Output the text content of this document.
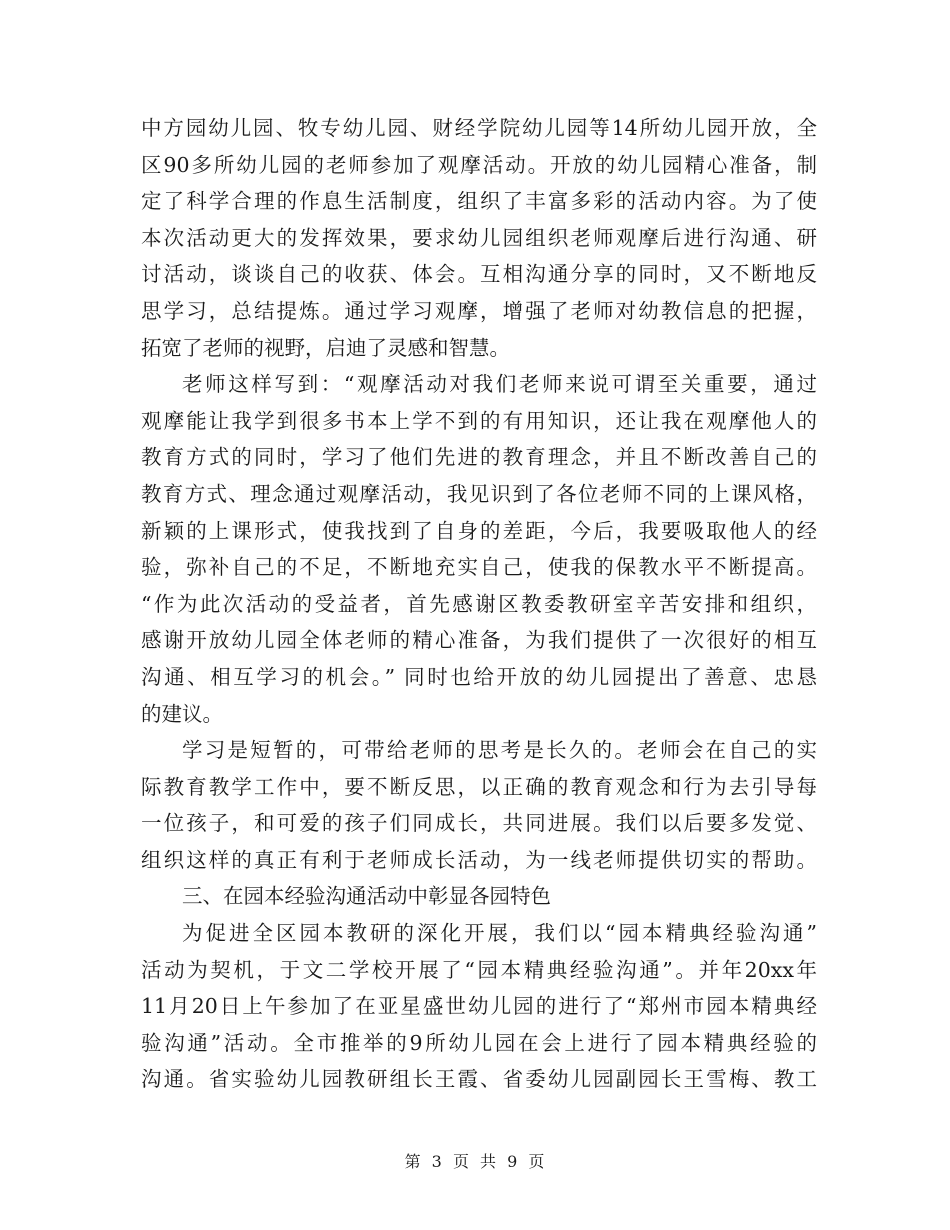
中方园幼儿园、牧专幼儿园、财经学院幼儿园等14所幼儿园开放，全
区90多所幼儿园的老师参加了观摩活动。开放的幼儿园精心准备，制
定了科学合理的作息生活制度，组织了丰富多彩的活动内容。为了使
本次活动更大的发挥效果，要求幼儿园组织老师观摩后进行沟通、研
讨活动，谈谈自己的收获、体会。互相沟通分享的同时，又不断地反
思学习，总结提炼。通过学习观摩，增强了老师对幼教信息的把握，
拓宽了老师的视野，启迪了灵感和智慧。
老师这样写到：“观摩活动对我们老师来说可谓至关重要，通过
观摩能让我学到很多书本上学不到的有用知识，还让我在观摩他人的
教育方式的同时，学习了他们先进的教育理念，并且不断改善自己的
教育方式、理念通过观摩活动，我见识到了各位老师不同的上课风格，
新颖的上课形式，使我找到了自身的差距，今后，我要吸取他人的经
验，弥补自己的不足，不断地充实自己，使我的保教水平不断提高。
“作为此次活动的受益者，首先感谢区教委教研室辛苦安排和组织，
感谢开放幼儿园全体老师的精心准备，为我们提供了一次很好的相互
沟通、相互学习的机会。” 同时也给开放的幼儿园提出了善意、忠恳
的建议。
学习是短暂的，可带给老师的思考是长久的。老师会在自己的实
际教育教学工作中，要不断反思，以正确的教育观念和行为去引导每
一位孩子，和可爱的孩子们同成长，共同进展。我们以后要多发觉、
组织这样的真正有利于老师成长活动，为一线老师提供切实的帮助。
三、在园本经验沟通活动中彰显各园特色
为促进全区园本教研的深化开展，我们以“园本精典经验沟通”
活动为契机，于文二学校开展了“园本精典经验沟通”。并年20xx年
11月20日上午参加了在亚星盛世幼儿园的进行了“郑州市园本精典经
验沟通”活动。全市推举的9所幼儿园在会上进行了园本精典经验的
沟通。省实验幼儿园教研组长王霞、省委幼儿园副园长王雪梅、教工
第 3 页 共 9 页
